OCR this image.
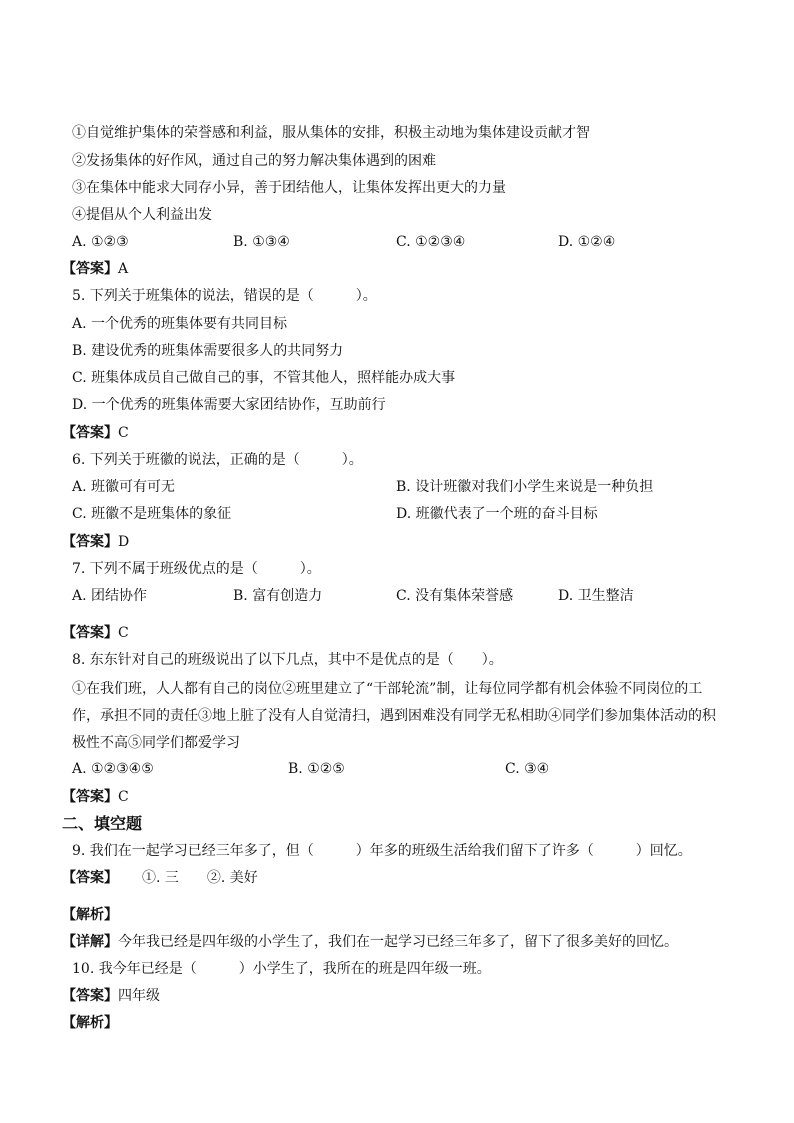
①自觉维护集体的荣誉感和利益，服从集体的安排，积极主动地为集体建设贡献才智
②发扬集体的好作风，通过自己的努力解决集体遇到的困难
③在集体中能求大同存小异，善于团结他人，让集体发挥出更大的力量
④提倡从个人利益出发
A. ①②③	B. ①③④	C. ①②③④	D. ①②④
【答案】A
5. 下列关于班集体的说法，错误的是（　　　）。
A. 一个优秀的班集体要有共同目标
B. 建设优秀的班集体需要很多人的共同努力
C. 班集体成员自己做自己的事，不管其他人，照样能办成大事
D. 一个优秀的班集体需要大家团结协作，互助前行
【答案】C
6. 下列关于班徽的说法，正确的是（　　　）。
A. 班徽可有可无	B. 设计班徽对我们小学生来说是一种负担
C. 班徽不是班集体的象征	D. 班徽代表了一个班的奋斗目标
【答案】D
7. 下列不属于班级优点的是（　　　）。
A. 团结协作	B. 富有创造力	C. 没有集体荣誉感	D. 卫生整洁
【答案】C
8. 东东针对自己的班级说出了以下几点，其中不是优点的是（　　）。
①在我们班，人人都有自己的岗位②班里建立了“干部轮流”制，让每位同学都有机会体验不同岗位的工作，承担不同的责任③地上脏了没有人自觉清扫，遇到困难没有同学无私相助④同学们参加集体活动的积极性不高⑤同学们都爱学习
A. ①②③④⑤	B. ①②⑤	C. ③④
【答案】C
二、填空题
9. 我们在一起学习已经三年多了，但（　　　）年多的班级生活给我们留下了许多（　　　）回忆。
【答案】 ①. 三　　②. 美好
【解析】
【详解】今年我已经是四年级的小学生了，我们在一起学习已经三年多了，留下了很多美好的回忆。
10. 我今年已经是（　　　）小学生了，我所在的班是四年级一班。
【答案】四年级
【解析】
